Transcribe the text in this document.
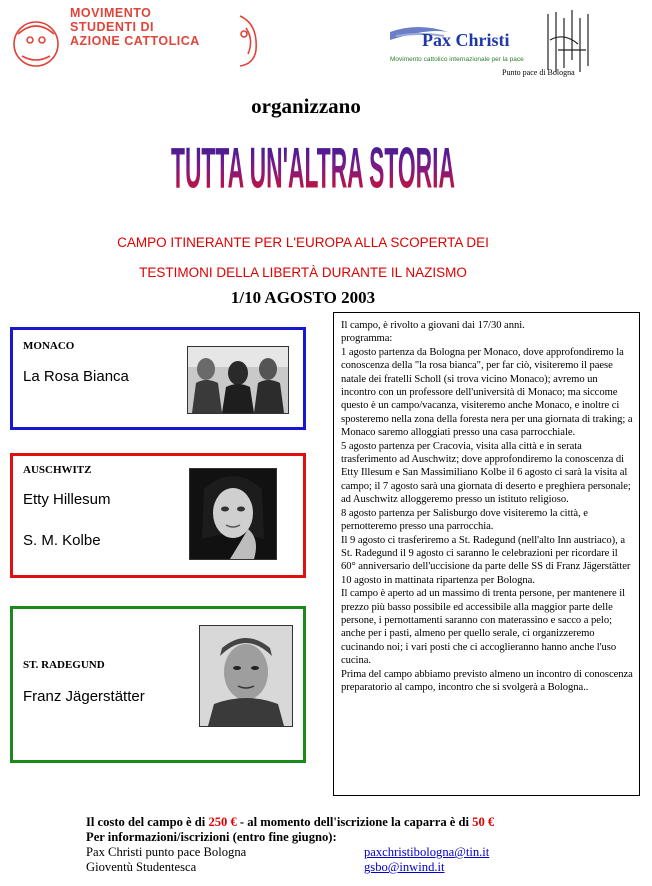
MOVIMENTO
STUDENTI DI
AZIONE CATTOLICA	Pax Christi
Movimento cattolico internazionale per la pace
Punto pace di Bologna
organizzano
TUTTA UN'ALTRA STORIA
CAMPO ITINERANTE PER L'EUROPA ALLA SCOPERTA DEI
TESTIMONI DELLA LIBERTÀ DURANTE IL NAZISMO
1/10 AGOSTO 2003
MONACO
La Rosa Bianca
AUSCHWITZ
Etty Hillesum
S. M. Kolbe
ST. RADEGUND
Franz Jägerstätter

Il campo, è rivolto a giovani dai 17/30 anni.

programma:

1 agosto partenza da Bologna per Monaco, dove approfondiremo la conoscenza della "la rosa bianca", per far ciò, visiteremo il paese natale dei fratelli Scholl (si trova vicino Monaco); avremo un incontro con un professore dell'università di Monaco; ma siccome questo è un campo/vacanza, visiteremo anche Monaco, e inoltre ci sposteremo nella zona della foresta nera per una giornata di traking; a Monaco saremo alloggiati presso una casa parrocchiale.

5 agosto partenza per Cracovia, visita alla città e in serata trasferimento ad Auschwitz; dove approfondiremo la conoscenza di Etty Illesum e San Massimiliano Kolbe il 6 agosto ci sarà la visita al campo; il 7 agosto sarà una giornata di deserto e preghiera personale; ad Auschwitz alloggeremo presso un istituto religioso.

8 agosto partenza per Salisburgo dove visiteremo la città, e pernotteremo presso una parrocchia.

Il 9 agosto ci trasferiremo a St. Radegund (nell'alto Inn austriaco), a St. Radegund il 9 agosto ci saranno le celebrazioni per ricordare il 60° anniversario dell'uccisione da parte delle SS di Franz Jägerstätter

10 agosto in mattinata ripartenza per Bologna.

Il campo è aperto ad un massimo di trenta persone, per mantenere il prezzo più basso possibile ed accessibile alla maggior parte delle persone, i pernottamenti saranno con materassino e sacco a pelo; anche per i pasti, almeno per quello serale, ci organizzeremo cucinando noi; i vari posti che ci accoglieranno hanno anche l'uso cucina.

Prima del campo abbiamo previsto almeno un incontro di conoscenza preparatorio al campo, incontro che si svolgerà a Bologna..

Il costo del campo è di 250 € - al momento dell'iscrizione la caparra è di 50 €
Per informazioni/iscrizioni (entro fine giugno):
Pax Christi punto pace Bologna	paxchristibologna@tin.it
Gioventù Studentesca	gsbo@inwind.it
